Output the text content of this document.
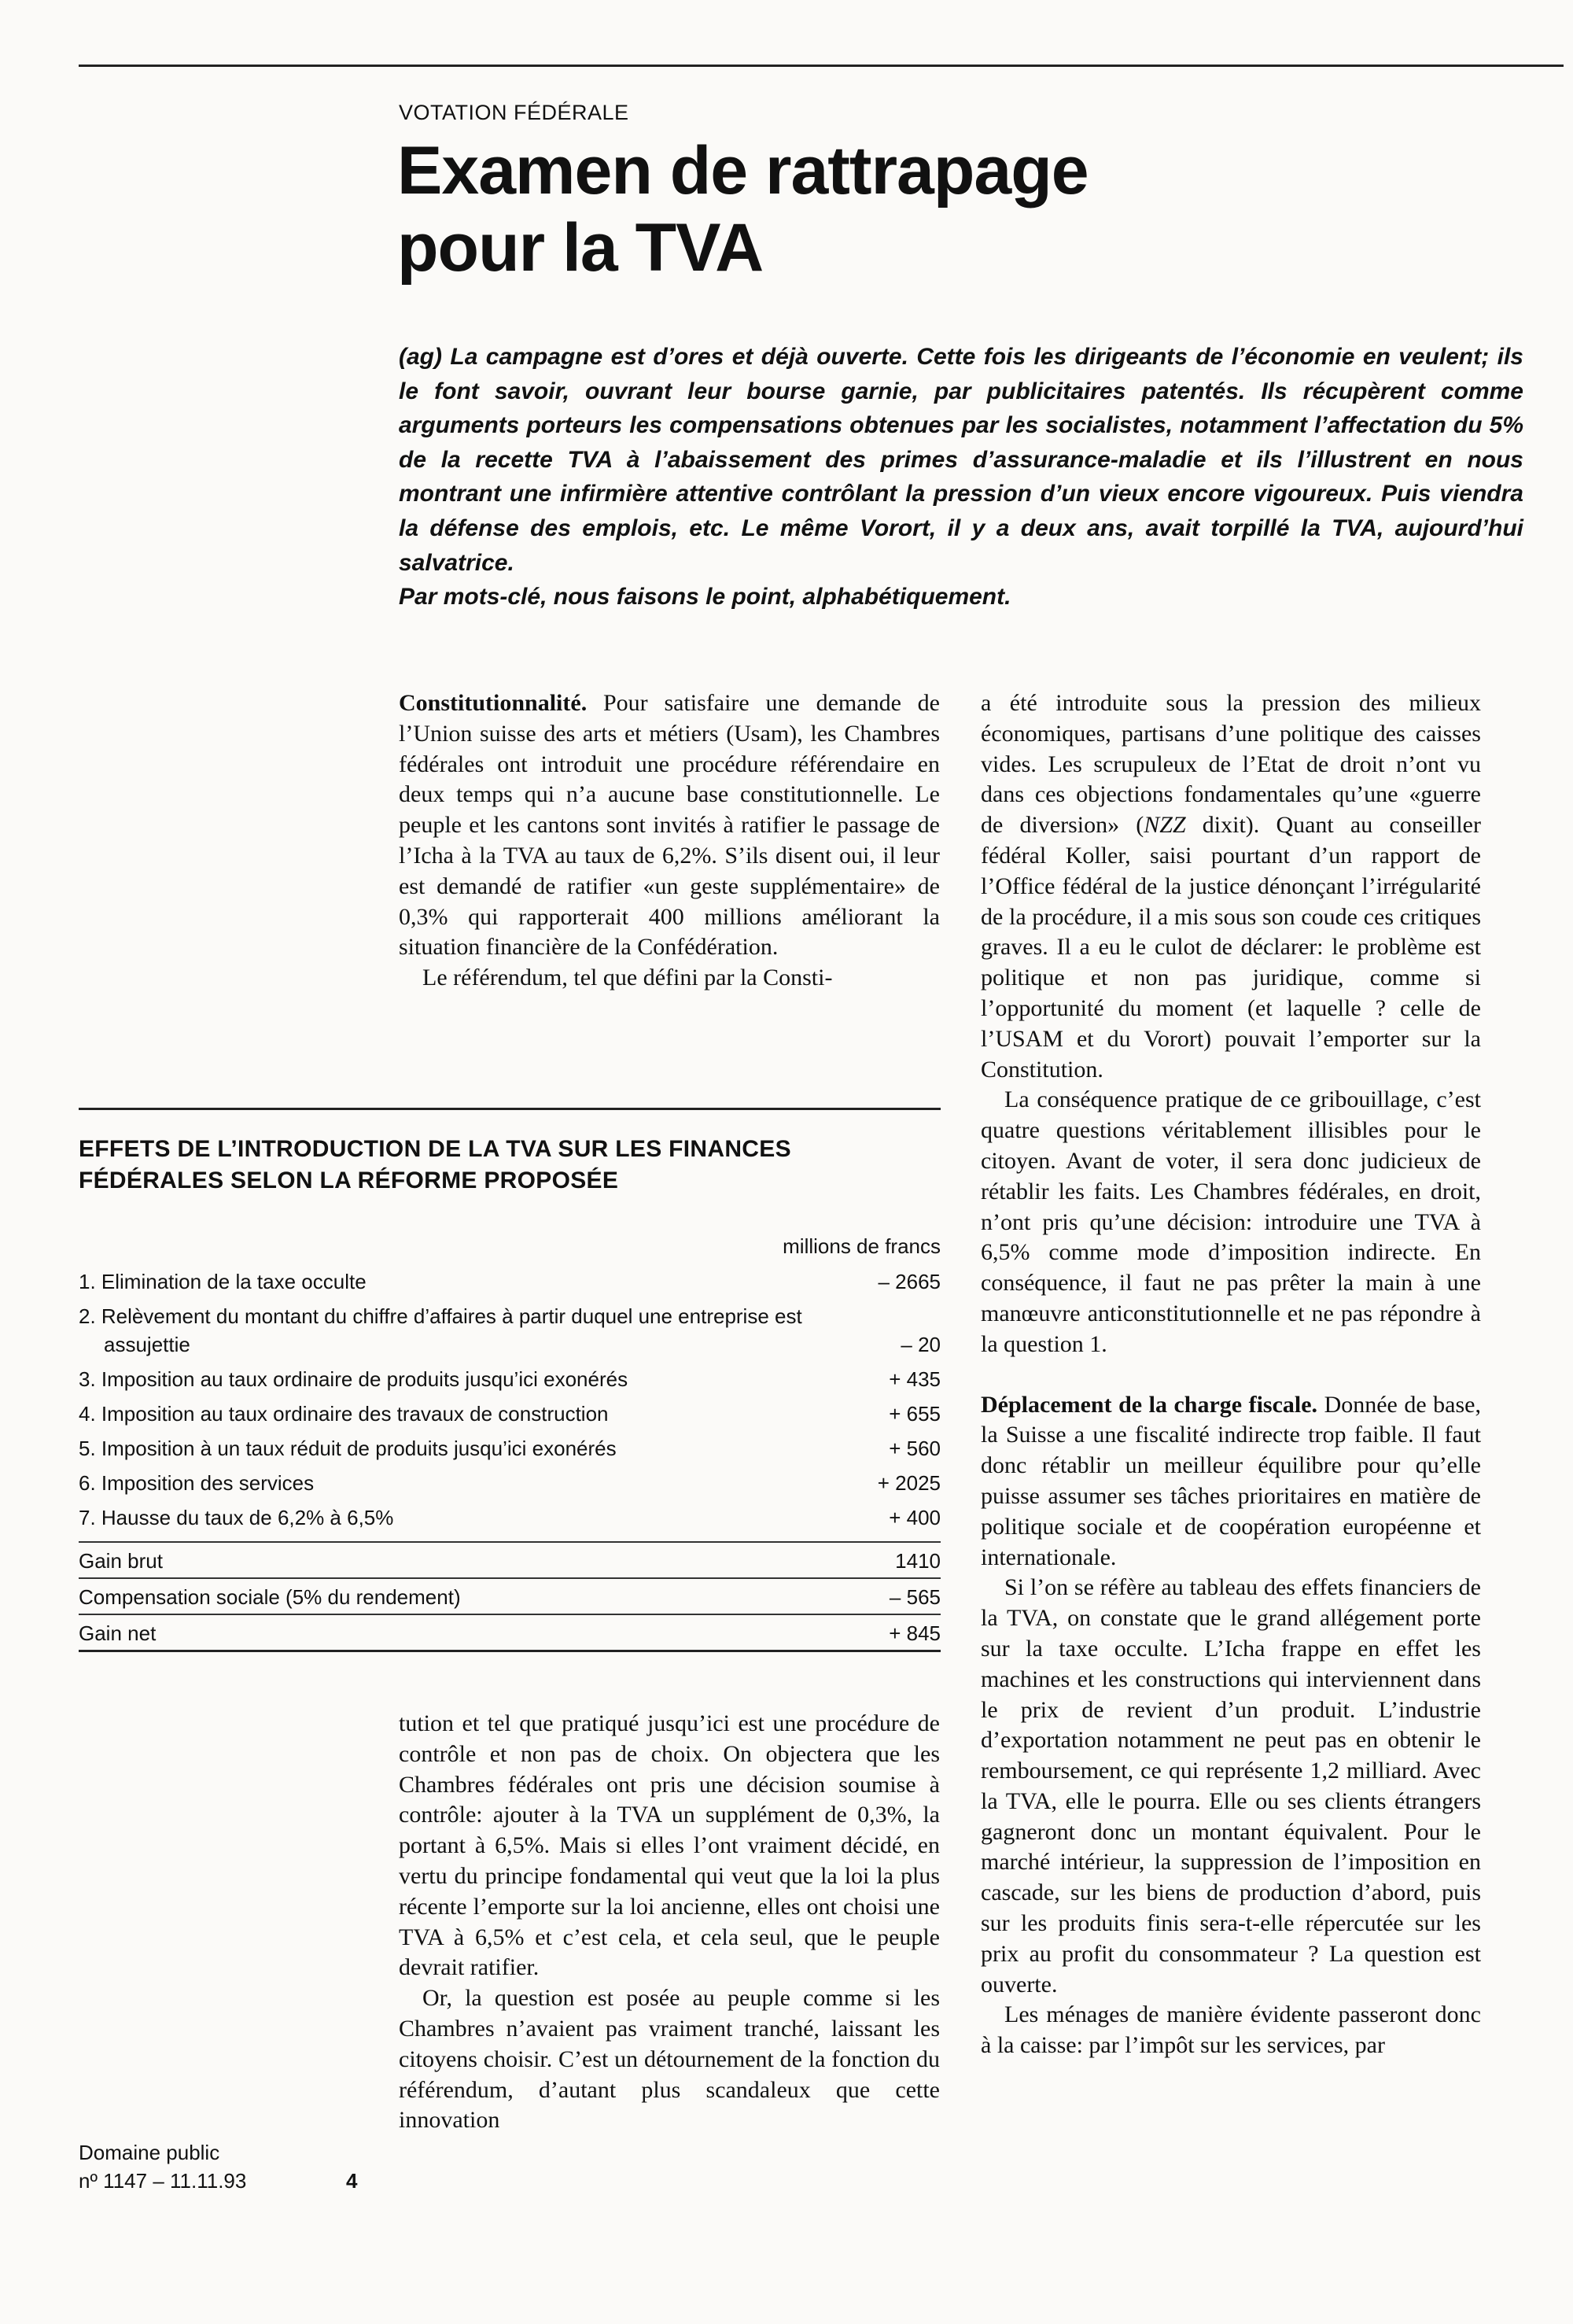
VOTATION FÉDÉRALE
Examen de rattrapage
pour la TVA

(ag) La campagne est d’ores et déjà ouverte. Cette fois les dirigeants de l’économie en veulent; ils le font savoir, ouvrant leur bourse garnie, par publicitaires patentés. Ils récupèrent comme arguments porteurs les compensations obtenues par les socialistes, notamment l’affectation du 5% de la recette TVA à l’abaissement des primes d’assurance-maladie et ils l’illustrent en nous montrant une infirmière attentive contrôlant la pression d’un vieux encore vigoureux. Puis viendra la défense des emplois, etc. Le même Vorort, il y a deux ans, avait torpillé la TVA, aujourd’hui salvatrice.

Par mots-clé, nous faisons le point, alphabétiquement.

Constitutionnalité. Pour satisfaire une demande de l’Union suisse des arts et métiers (Usam), les Chambres fédérales ont introduit une procédure référendaire en deux temps qui n’a aucune base constitutionnelle. Le peuple et les cantons sont invités à ratifier le passage de l’Icha à la TVA au taux de 6,2%. S’ils disent oui, il leur est demandé de ratifier «un geste supplémentaire» de 0,3% qui rapporterait 400 millions améliorant la situation financière de la Confédération.

Le référendum, tel que défini par la Consti-

EFFETS DE L’INTRODUCTION DE LA TVA SUR LES FINANCES FÉDÉRALES SELON LA RÉFORME PROPOSÉE
millions de francs
1. Elimination de la taxe occulte	– 2665
2. Relèvement du montant du chiffre d’affaires à partir duquel une entreprise est assujettie	– 20
3. Imposition au taux ordinaire de produits jusqu’ici exonérés	+ 435
4. Imposition au taux ordinaire des travaux de construction	+ 655
5. Imposition à un taux réduit de produits jusqu’ici exonérés	+ 560
6. Imposition des services	+ 2025
7. Hausse du taux de 6,2% à 6,5%	+ 400
Gain brut	1410
Compensation sociale (5% du rendement)	– 565
Gain net	+ 845

tution et tel que pratiqué jusqu’ici est une procédure de contrôle et non pas de choix. On objectera que les Chambres fédérales ont pris une décision soumise à contrôle: ajouter à la TVA un supplément de 0,3%, la portant à 6,5%. Mais si elles l’ont vraiment décidé, en vertu du principe fondamental qui veut que la loi la plus récente l’emporte sur la loi ancienne, elles ont choisi une TVA à 6,5% et c’est cela, et cela seul, que le peuple devrait ratifier.

Or, la question est posée au peuple comme si les Chambres n’avaient pas vraiment tranché, laissant les citoyens choisir. C’est un détournement de la fonction du référendum, d’autant plus scandaleux que cette innovation

a été introduite sous la pression des milieux économiques, partisans d’une politique des caisses vides. Les scrupuleux de l’Etat de droit n’ont vu dans ces objections fondamentales qu’une «guerre de diversion» (NZZ dixit). Quant au conseiller fédéral Koller, saisi pourtant d’un rapport de l’Office fédéral de la justice dénonçant l’irrégularité de la procédure, il a mis sous son coude ces critiques graves. Il a eu le culot de déclarer: le problème est politique et non pas juridique, comme si l’opportunité du moment (et laquelle ? celle de l’USAM et du Vorort) pouvait l’emporter sur la Constitution.

La conséquence pratique de ce gribouillage, c’est quatre questions véritablement illisibles pour le citoyen. Avant de voter, il sera donc judicieux de rétablir les faits. Les Chambres fédérales, en droit, n’ont pris qu’une décision: introduire une TVA à 6,5% comme mode d’imposition indirecte. En conséquence, il faut ne pas prêter la main à une manœuvre anticonstitutionnelle et ne pas répondre à la question 1.

Déplacement de la charge fiscale. Donnée de base, la Suisse a une fiscalité indirecte trop faible. Il faut donc rétablir un meilleur équilibre pour qu’elle puisse assumer ses tâches prioritaires en matière de politique sociale et de coopération européenne et internationale.

Si l’on se réfère au tableau des effets financiers de la TVA, on constate que le grand allégement porte sur la taxe occulte. L’Icha frappe en effet les machines et les constructions qui interviennent dans le prix de revient d’un produit. L’industrie d’exportation notamment ne peut pas en obtenir le remboursement, ce qui représente 1,2 milliard. Avec la TVA, elle le pourra. Elle ou ses clients étrangers gagneront donc un montant équivalent. Pour le marché intérieur, la suppression de l’imposition en cascade, sur les biens de production d’abord, puis sur les produits finis sera-t-elle répercutée sur les prix au profit du consommateur ? La question est ouverte.

Les ménages de manière évidente passeront donc à la caisse: par l’impôt sur les services, par

Domaine public
nº 1147 – 11.11.93	4
